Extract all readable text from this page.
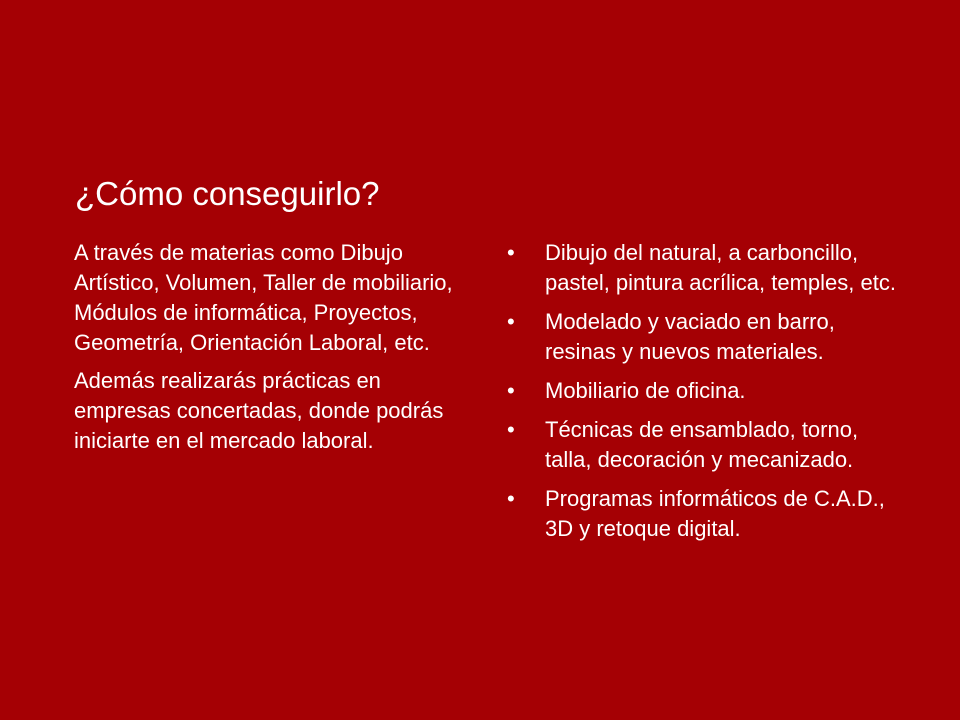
¿Cómo conseguirlo?

A través de materias como Dibujo Artístico, Volumen, Taller de mobiliario, Módulos de informática, Proyectos, Geometría, Orientación Laboral, etc.

Además realizarás prácticas en empresas concertadas, donde podrás iniciarte en el mercado laboral.

• Dibujo del natural, a carboncillo, pastel, pintura acrílica, temples, etc.
• Modelado y vaciado en barro, resinas y nuevos materiales.
• Mobiliario de oficina.
• Técnicas de ensamblado, torno, talla, decoración y mecanizado.
• Programas informáticos de C.A.D., 3D y retoque digital.
